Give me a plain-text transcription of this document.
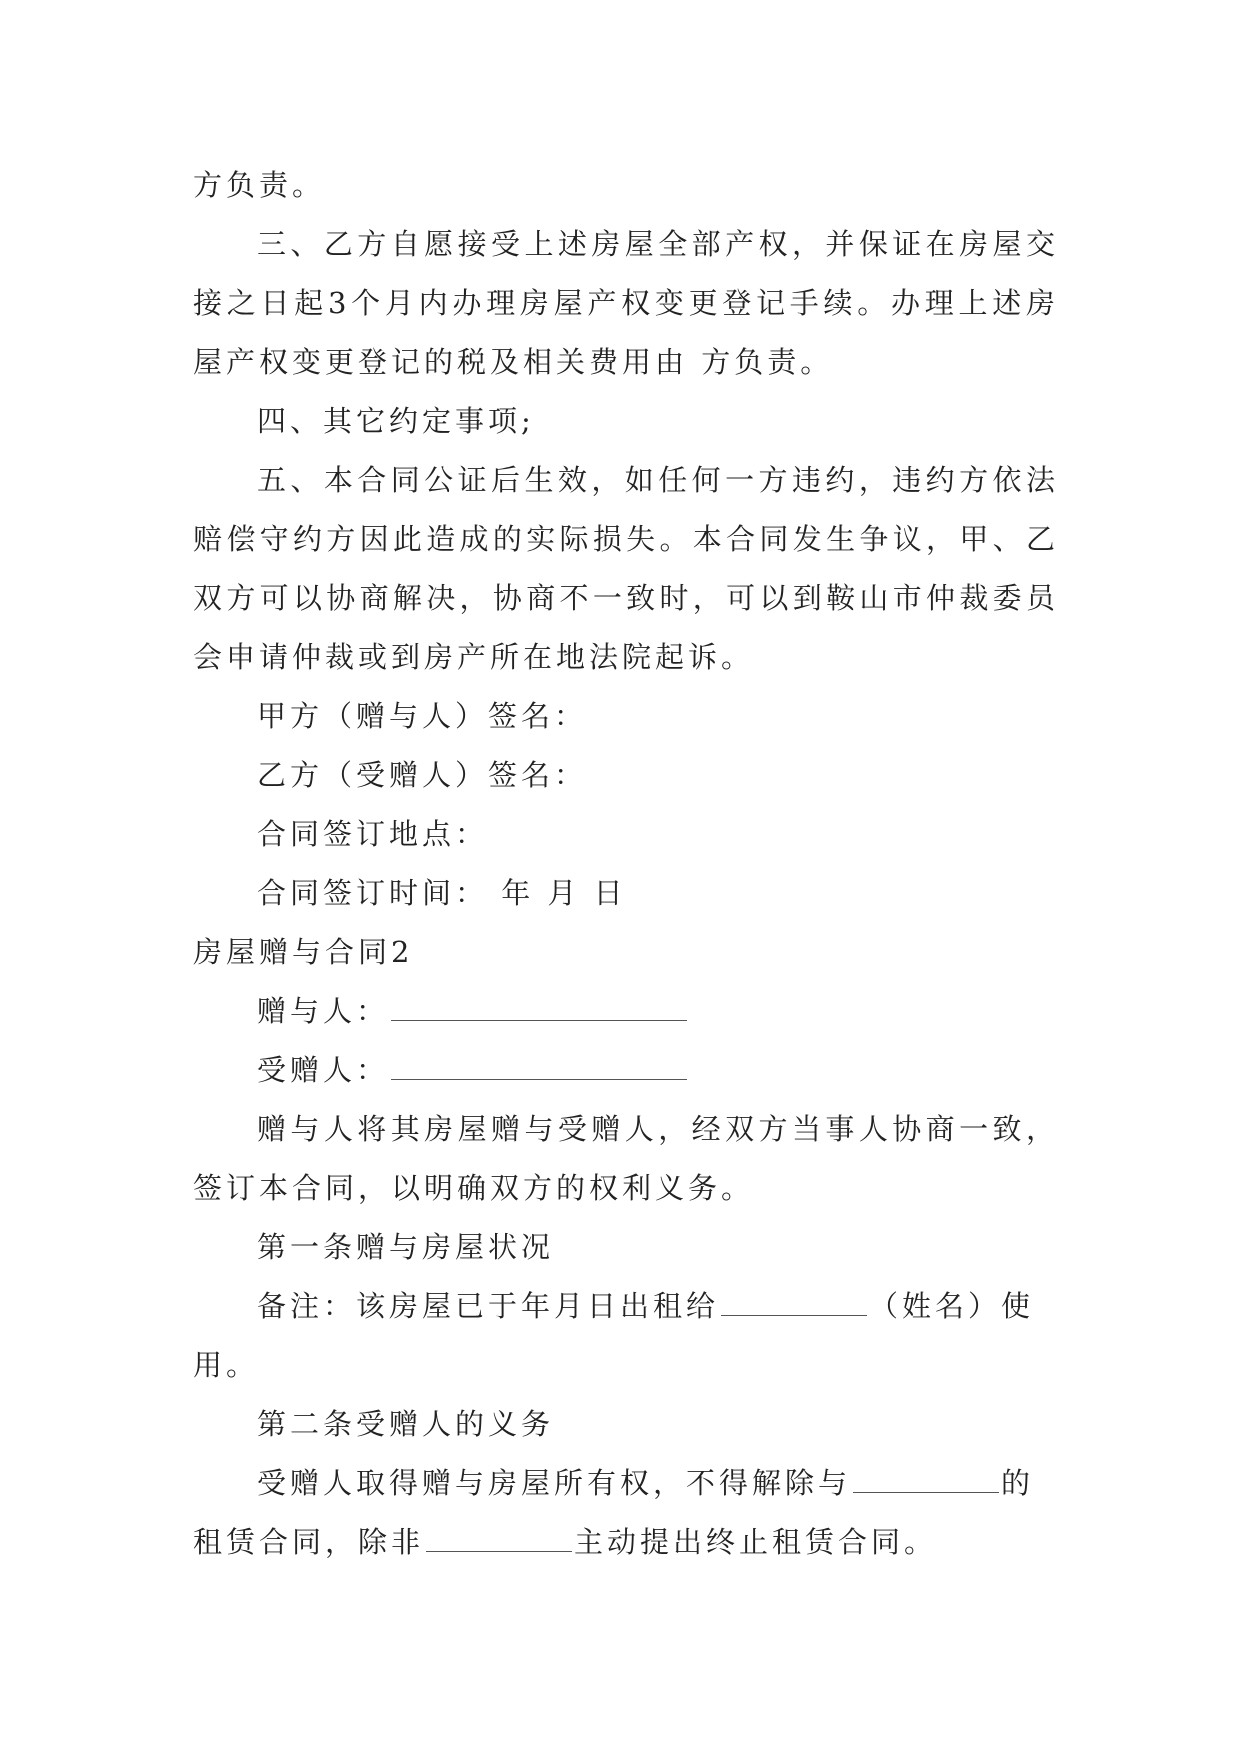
方负责。
三、乙方自愿接受上述房屋全部产权，并保证在房屋交
接之日起3个月内办理房屋产权变更登记手续。办理上述房
屋产权变更登记的税及相关费用由 方负责。
四、其它约定事项;
五、本合同公证后生效，如任何一方违约，违约方依法
赔偿守约方因此造成的实际损失。本合同发生争议，甲、乙
双方可以协商解决，协商不一致时，可以到鞍山市仲裁委员
会申请仲裁或到房产所在地法院起诉。
甲方（赠与人）签名：
乙方（受赠人）签名：
合同签订地点：
合同签订时间： 年 月 日
房屋赠与合同2
赠与人：
受赠人：
赠与人将其房屋赠与受赠人，经双方当事人协商一致，
签订本合同，以明确双方的权利义务。
第一条赠与房屋状况
备注：该房屋已于年月日出租给	（姓名）使
用。
第二条受赠人的义务
受赠人取得赠与房屋所有权，不得解除与	的
租赁合同，除非	主动提出终止租赁合同。
